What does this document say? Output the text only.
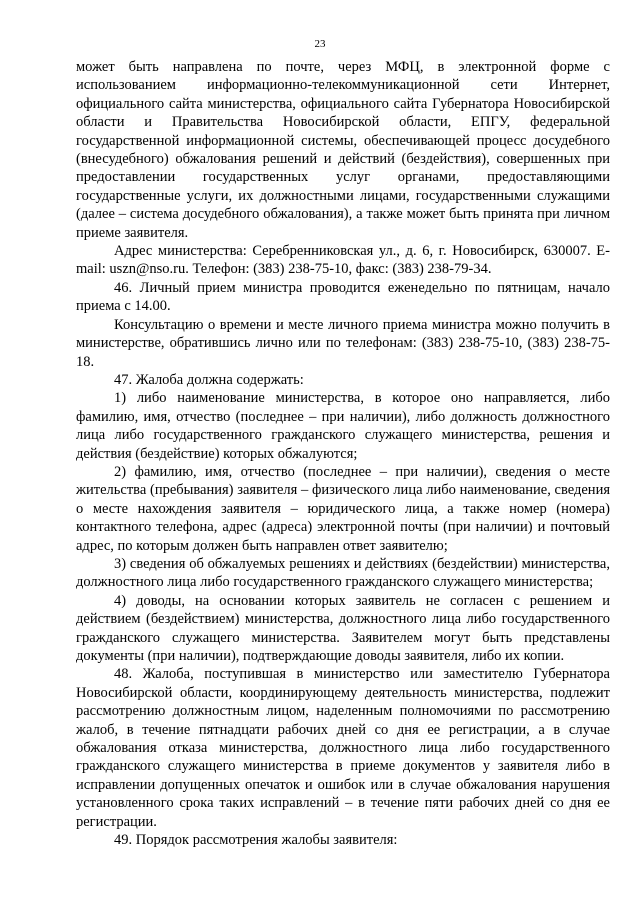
23

может быть направлена по почте, через МФЦ, в электронной форме с использованием информационно-телекоммуникационной сети Интернет, официального сайта министерства, официального сайта Губернатора Новосибирской области и Правительства Новосибирской области, ЕПГУ, федеральной государственной информационной системы, обеспечивающей процесс досудебного (внесудебного) обжалования решений и действий (бездействия), совершенных при предоставлении государственных услуг органами, предоставляющими государственные услуги, их должностными лицами, государственными служащими (далее – система досудебного обжалования), а также может быть принята при личном приеме заявителя.

Адрес министерства: Серебренниковская ул., д. 6, г. Новосибирск, 630007. E-mail: uszn@nso.ru. Телефон: (383) 238-75-10, факс: (383) 238-79-34.

46. Личный прием министра проводится еженедельно по пятницам, начало приема с 14.00.

Консультацию о времени и месте личного приема министра можно получить в министерстве, обратившись лично или по телефонам: (383) 238-75-10, (383) 238-75-18.

47. Жалоба должна содержать:

1) либо наименование министерства, в которое оно направляется, либо фамилию, имя, отчество (последнее – при наличии), либо должность должностного лица либо государственного гражданского служащего министерства, решения и действия (бездействие) которых обжалуются;

2) фамилию, имя, отчество (последнее – при наличии), сведения о месте жительства (пребывания) заявителя – физического лица либо наименование, сведения о месте нахождения заявителя – юридического лица, а также номер (номера) контактного телефона, адрес (адреса) электронной почты (при наличии) и почтовый адрес, по которым должен быть направлен ответ заявителю;

3) сведения об обжалуемых решениях и действиях (бездействии) министерства, должностного лица либо государственного гражданского служащего министерства;

4) доводы, на основании которых заявитель не согласен с решением и действием (бездействием) министерства, должностного лица либо государственного гражданского служащего министерства. Заявителем могут быть представлены документы (при наличии), подтверждающие доводы заявителя, либо их копии.

48. Жалоба, поступившая в министерство или заместителю Губернатора Новосибирской области, координирующему деятельность министерства, подлежит рассмотрению должностным лицом, наделенным полномочиями по рассмотрению жалоб, в течение пятнадцати рабочих дней со дня ее регистрации, а в случае обжалования отказа министерства, должностного лица либо государственного гражданского служащего министерства в приеме документов у заявителя либо в исправлении допущенных опечаток и ошибок или в случае обжалования нарушения установленного срока таких исправлений – в течение пяти рабочих дней со дня ее регистрации.

49. Порядок рассмотрения жалобы заявителя:
